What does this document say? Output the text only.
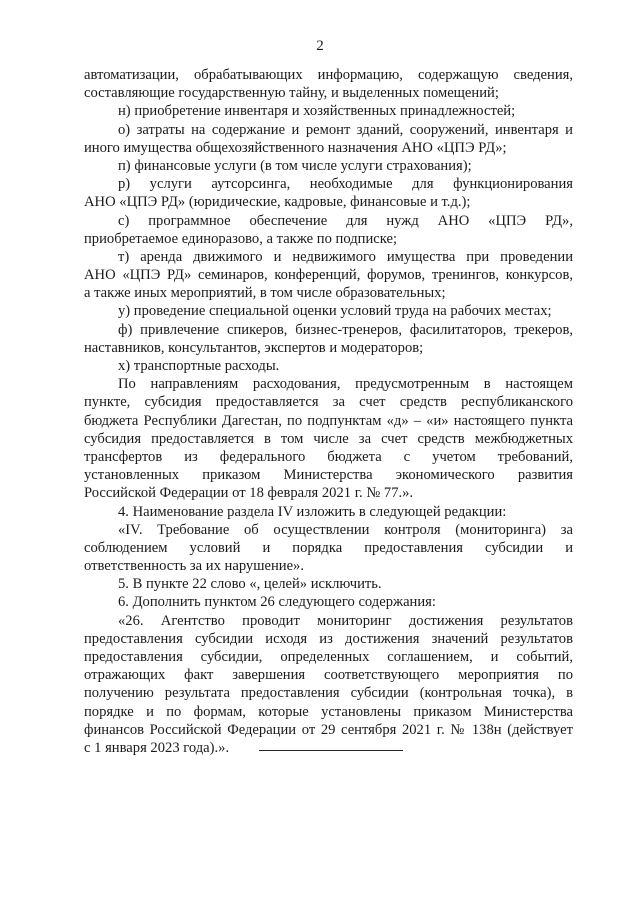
2
автоматизации, обрабатывающих информацию, содержащую сведения,
составляющие государственную тайну, и выделенных помещений;
н) приобретение инвентаря и хозяйственных принадлежностей;
о) затраты на содержание и ремонт зданий, сооружений, инвентаря и
иного имущества общехозяйственного назначения АНО «ЦПЭ РД»;
п) финансовые услуги (в том числе услуги страхования);
р) услуги аутсорсинга, необходимые для функционирования
АНО «ЦПЭ РД» (юридические, кадровые, финансовые и т.д.);
с) программное обеспечение для нужд АНО «ЦПЭ РД»,
приобретаемое единоразово, а также по подписке;
т) аренда движимого и недвижимого имущества при проведении
АНО «ЦПЭ РД» семинаров, конференций, форумов, тренингов, конкурсов,
а также иных мероприятий, в том числе образовательных;
у) проведение специальной оценки условий труда на рабочих местах;
ф) привлечение спикеров, бизнес-тренеров, фасилитаторов, трекеров,
наставников, консультантов, экспертов и модераторов;
х) транспортные расходы.
По направлениям расходования, предусмотренным в настоящем
пункте, субсидия предоставляется за счет средств республиканского
бюджета Республики Дагестан, по подпунктам «д» – «и» настоящего пункта
субсидия предоставляется в том числе за счет средств межбюджетных
трансфертов из федерального бюджета с учетом требований,
установленных приказом Министерства экономического развития
Российской Федерации от 18 февраля 2021 г. № 77.».
4. Наименование раздела IV изложить в следующей редакции:
«IV. Требование об осуществлении контроля (мониторинга) за
соблюдением условий и порядка предоставления субсидии и
ответственность за их нарушение».
5. В пункте 22 слово «, целей» исключить.
6. Дополнить пунктом 26 следующего содержания:
«26. Агентство проводит мониторинг достижения результатов
предоставления субсидии исходя из достижения значений результатов
предоставления субсидии, определенных соглашением, и событий,
отражающих факт завершения соответствующего мероприятия по
получению результата предоставления субсидии (контрольная точка), в
порядке и по формам, которые установлены приказом Министерства
финансов Российской Федерации от 29 сентября 2021 г. № 138н (действует
с 1 января 2023 года).».
